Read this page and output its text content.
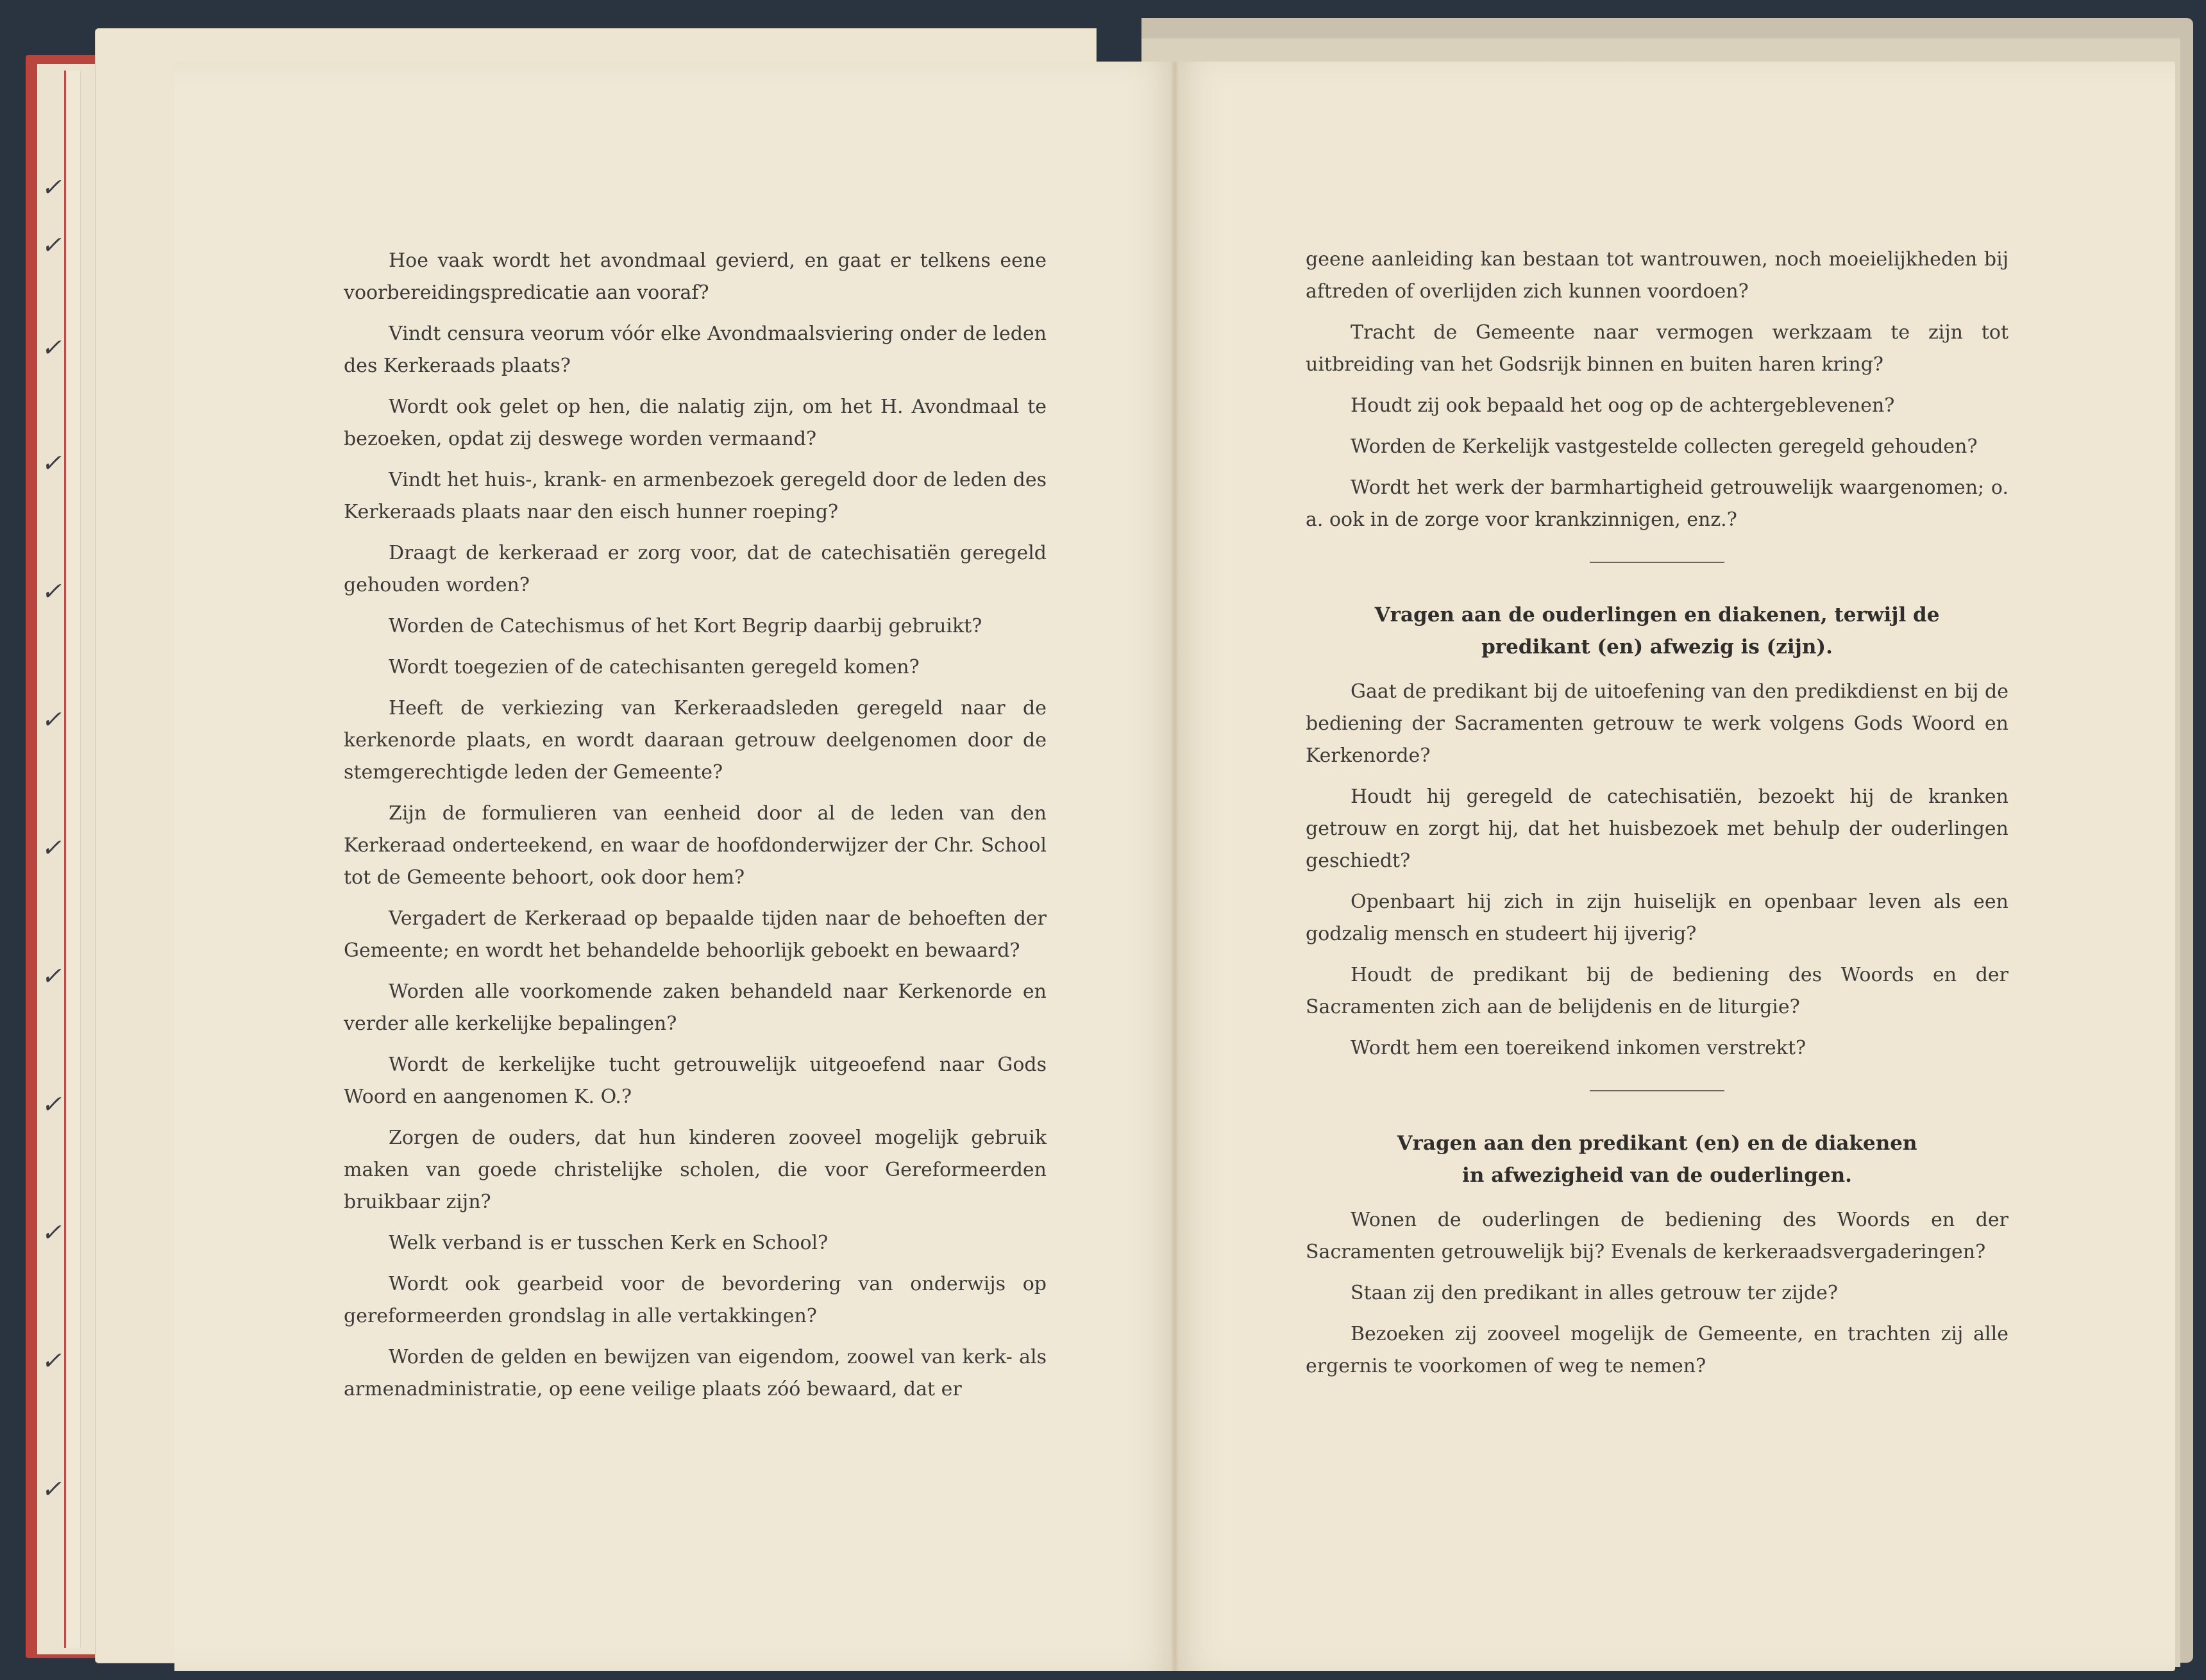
✓
✓
✓
✓
✓
✓
✓
✓
✓
✓
✓
✓

Hoe vaak wordt het avondmaal gevierd, en gaat er telkens eene voorbereidingspredicatie aan vooraf?

Vindt censura veorum vóór elke Avondmaalsviering onder de leden des Kerkeraads plaats?

Wordt ook gelet op hen, die nalatig zijn, om het H. Avondmaal te bezoeken, opdat zij deswege worden vermaand?

Vindt het huis-, krank- en armenbezoek geregeld door de leden des Kerkeraads plaats naar den eisch hunner roeping?

Draagt de kerkeraad er zorg voor, dat de catechisatiën geregeld gehouden worden?

Worden de Catechismus of het Kort Begrip daarbij gebruikt?

Wordt toegezien of de catechisanten geregeld komen?

Heeft de verkiezing van Kerkeraadsleden geregeld naar de kerkenorde plaats, en wordt daaraan getrouw deelgenomen door de stemgerechtigde leden der Gemeente?

Zijn de formulieren van eenheid door al de leden van den Kerkeraad onderteekend, en waar de hoofdonderwijzer der Chr. School tot de Gemeente behoort, ook door hem?

Vergadert de Kerkeraad op bepaalde tijden naar de behoeften der Gemeente; en wordt het behandelde behoorlijk geboekt en bewaard?

Worden alle voorkomende zaken behandeld naar Kerkenorde en verder alle kerkelijke bepalingen?

Wordt de kerkelijke tucht getrouwelijk uitgeoefend naar Gods Woord en aangenomen K. O.?

Zorgen de ouders, dat hun kinderen zooveel mogelijk gebruik maken van goede christelijke scholen, die voor Gereformeerden bruikbaar zijn?

Welk verband is er tusschen Kerk en School?

Wordt ook gearbeid voor de bevordering van onderwijs op gereformeerden grondslag in alle vertakkingen?

Worden de gelden en bewijzen van eigendom, zoowel van kerk- als armenadministratie, op eene veilige plaats zóó bewaard, dat er

geene aanleiding kan bestaan tot wantrouwen, noch moeielijkheden bij aftreden of overlijden zich kunnen voordoen?

Tracht de Gemeente naar vermogen werkzaam te zijn tot uitbreiding van het Godsrijk binnen en buiten haren kring?

Houdt zij ook bepaald het oog op de achtergeblevenen?

Worden de Kerkelijk vastgestelde collecten geregeld gehouden?

Wordt het werk der barmhartigheid getrouwelijk waargenomen; o. a. ook in de zorge voor krankzinnigen, enz.?

Vragen aan de ouderlingen en diakenen, terwijl de
predikant (en) afwezig is (zijn).

Gaat de predikant bij de uitoefening van den predikdienst en bij de bediening der Sacramenten getrouw te werk volgens Gods Woord en Kerkenorde?

Houdt hij geregeld de catechisatiën, bezoekt hij de kranken getrouw en zorgt hij, dat het huisbezoek met behulp der ouderlingen geschiedt?

Openbaart hij zich in zijn huiselijk en openbaar leven als een godzalig mensch en studeert hij ijverig?

Houdt de predikant bij de bediening des Woords en der Sacramenten zich aan de belijdenis en de liturgie?

Wordt hem een toereikend inkomen verstrekt?

Vragen aan den predikant (en) en de diakenen
in afwezigheid van de ouderlingen.

Wonen de ouderlingen de bediening des Woords en der Sacramenten getrouwelijk bij? Evenals de kerkeraadsvergaderingen?

Staan zij den predikant in alles getrouw ter zijde?

Bezoeken zij zooveel mogelijk de Gemeente, en trachten zij alle ergernis te voorkomen of weg te nemen?
